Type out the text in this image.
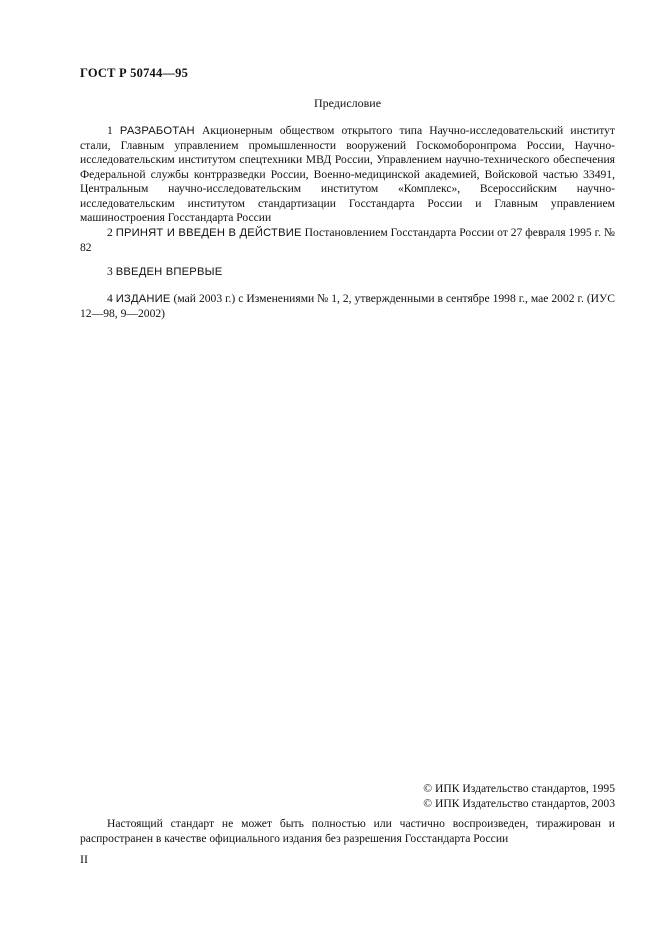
ГОСТ Р 50744—95
Предисловие
1 РАЗРАБОТАН Акционерным обществом открытого типа Научно-исследовательский институт стали, Главным управлением промышленности вооружений Госкомоборонпрома России, Научно-исследовательским институтом спецтехники МВД России, Управлением научно-технического обеспечения Федеральной службы контрразведки России, Военно-медицинской академией, Войсковой частью 33491, Центральным научно-исследовательским институтом «Комплекс», Всероссийским научно-исследовательским институтом стандартизации Госстандарта России и Главным управлением машиностроения Госстандарта России
2 ПРИНЯТ И ВВЕДЕН В ДЕЙСТВИЕ Постановлением Госстандарта России от 27 февраля 1995 г. № 82
3 ВВЕДЕН ВПЕРВЫЕ
4 ИЗДАНИЕ (май 2003 г.) с Изменениями № 1, 2, утвержденными в сентябре 1998 г., мае 2002 г. (ИУС 12—98, 9—2002)
© ИПК Издательство стандартов, 1995
© ИПК Издательство стандартов, 2003
Настоящий стандарт не может быть полностью или частично воспроизведен, тиражирован и распространен в качестве официального издания без разрешения Госстандарта России
II
